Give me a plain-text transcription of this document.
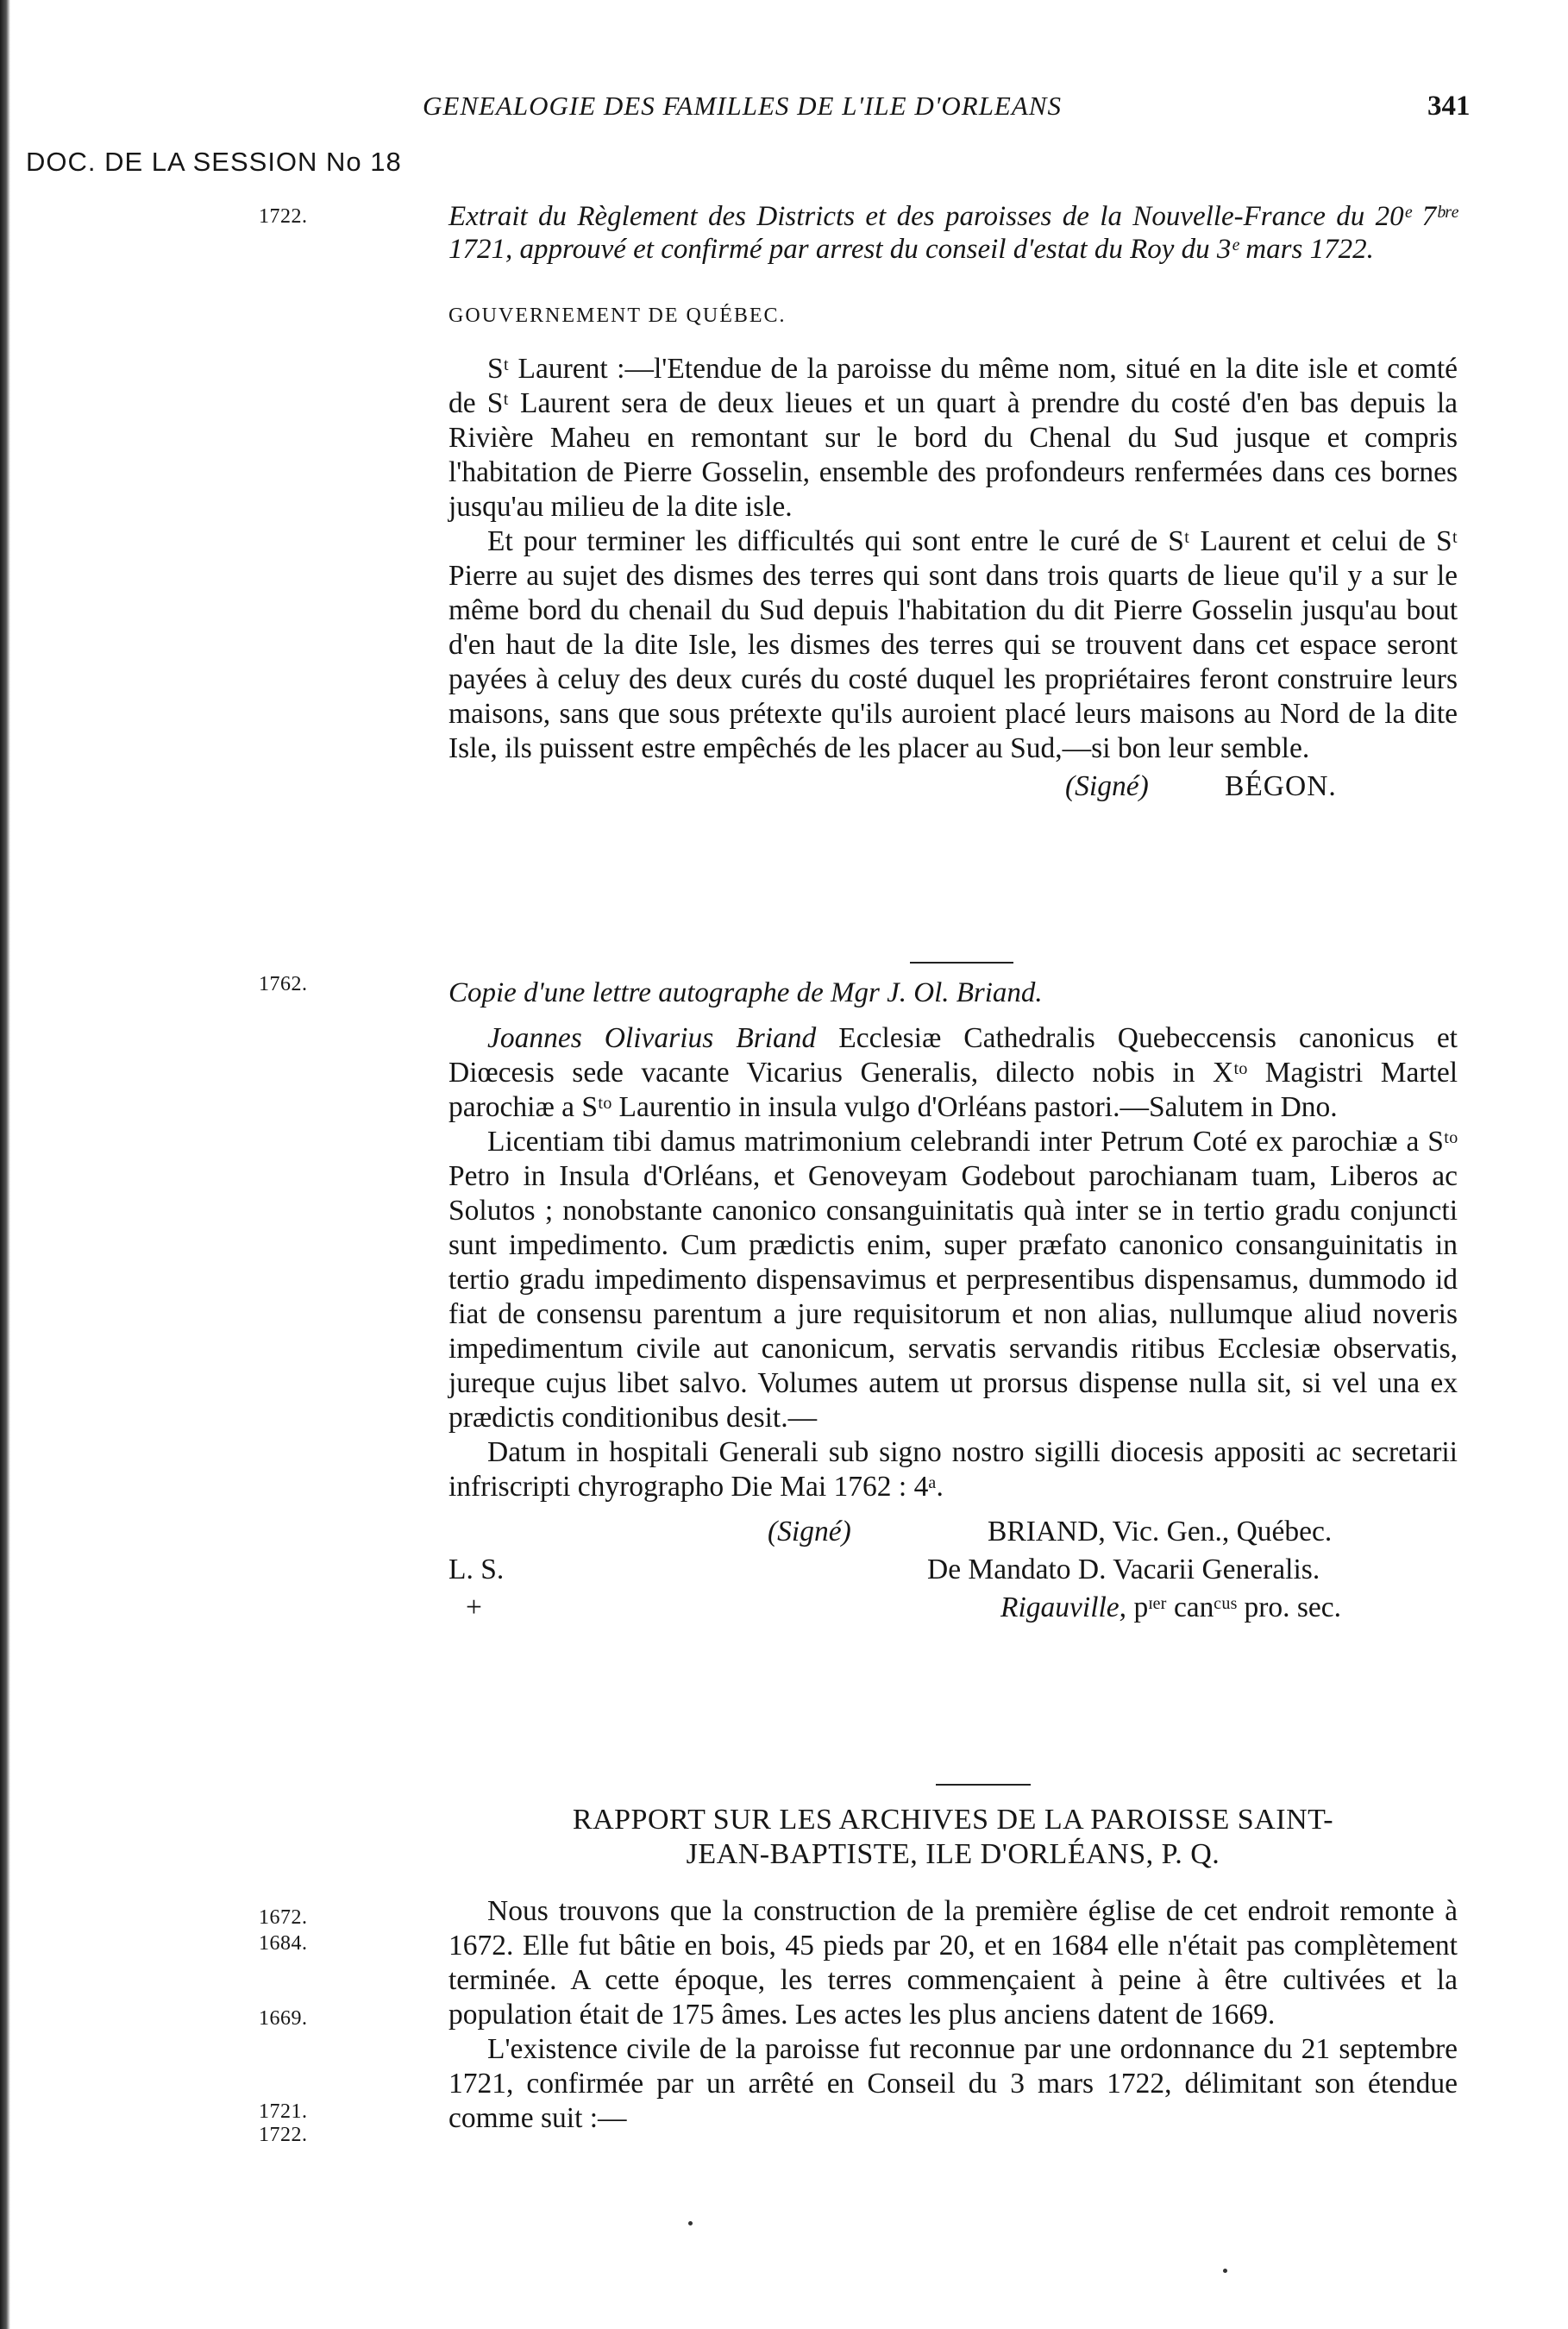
GENEALOGIE DES FAMILLES DE L'ILE D'ORLEANS	341
DOC. DE LA SESSION No 18
1722.	Extrait du Règlement des Districts et des paroisses de la Nouvelle-France du 20ᵉ 7ᵇʳᵉ 1721, approuvé et confirmé par arrest du conseil d'estat du Roy du 3ᵉ mars 1722.

GOUVERNEMENT DE QUÉBEC.

Sᵗ Laurent :—l'Etendue de la paroisse du même nom, situé en la dite isle et comté de Sᵗ Laurent sera de deux lieues et un quart à prendre du costé d'en bas depuis la Rivière Maheu en remontant sur le bord du Chenal du Sud jusque et compris l'habitation de Pierre Gosselin, ensemble des profondeurs renfermées dans ces bornes jusqu'au milieu de la dite isle.

Et pour terminer les difficultés qui sont entre le curé de Sᵗ Laurent et celui de Sᵗ Pierre au sujet des dismes des terres qui sont dans trois quarts de lieue qu'il y a sur le même bord du chenail du Sud depuis l'habitation du dit Pierre Gosselin jusqu'au bout d'en haut de la dite Isle, les dismes des terres qui se trouvent dans cet espace seront payées à celuy des deux curés du costé duquel les propriétaires feront construire leurs maisons, sans que sous prétexte qu'ils auroient placé leurs maisons au Nord de la dite Isle, ils puissent estre empêchés de les placer au Sud,—si bon leur semble.

(Signé)	BÉGON.
1762.	Copie d'une lettre autographe de Mgr J. Ol. Briand.

Joannes Olivarius Briand Ecclesiæ Cathedralis Quebeccensis canonicus et Diœcesis sede vacante Vicarius Generalis, dilecto nobis in Xᵗᵒ Magistri Martel parochiæ a Sᵗᵒ Laurentio in insula vulgo d'Orléans pastori.—Salutem in Dno.

Licentiam tibi damus matrimonium celebrandi inter Petrum Coté ex parochiæ a Sᵗᵒ Petro in Insula d'Orléans, et Genoveyam Godebout parochianam tuam, Liberos ac Solutos ; nonobstante canonico consanguinitatis quà inter se in tertio gradu conjuncti sunt impedimento. Cum prædictis enim, super præfato canonico consanguinitatis in tertio gradu impedimento dispensavimus et perpresentibus dispensamus, dummodo id fiat de consensu parentum a jure requisitorum et non alias, nullumque aliud noveris impedimentum civile aut canonicum, servatis servandis ritibus Ecclesiæ observatis, jureque cujus libet salvo. Volumes autem ut prorsus dispense nulla sit, si vel una ex prædictis conditionibus desit.—

Datum in hospitali Generali sub signo nostro sigilli diocesis appositi ac secretarii infriscripti chyrographo Die Mai 1762 : 4ᵃ.

(Signé)	BRIAND, Vic. Gen., Québec.
L. S.	De Mandato D. Vacarii Generalis.
+	Rigauville, pᶦᵉʳ canᶜᵘˢ pro. sec.
RAPPORT SUR LES ARCHIVES DE LA PAROISSE SAINT-
JEAN-BAPTISTE, ILE D'ORLÉANS, P. Q.

Nous trouvons que la construction de la première église de cet endroit remonte à 1672. Elle fut bâtie en bois, 45 pieds par 20, et en 1684 elle n'était pas complètement terminée. A cette époque, les terres commençaient à peine à être cultivées et la population était de 175 âmes. Les actes les plus anciens datent de 1669.

L'existence civile de la paroisse fut reconnue par une ordonnance du 21 septembre 1721, confirmée par un arrêté en Conseil du 3 mars 1722, délimitant son étendue comme suit :—

1672.
1684.
1669.
1721.
1722.
